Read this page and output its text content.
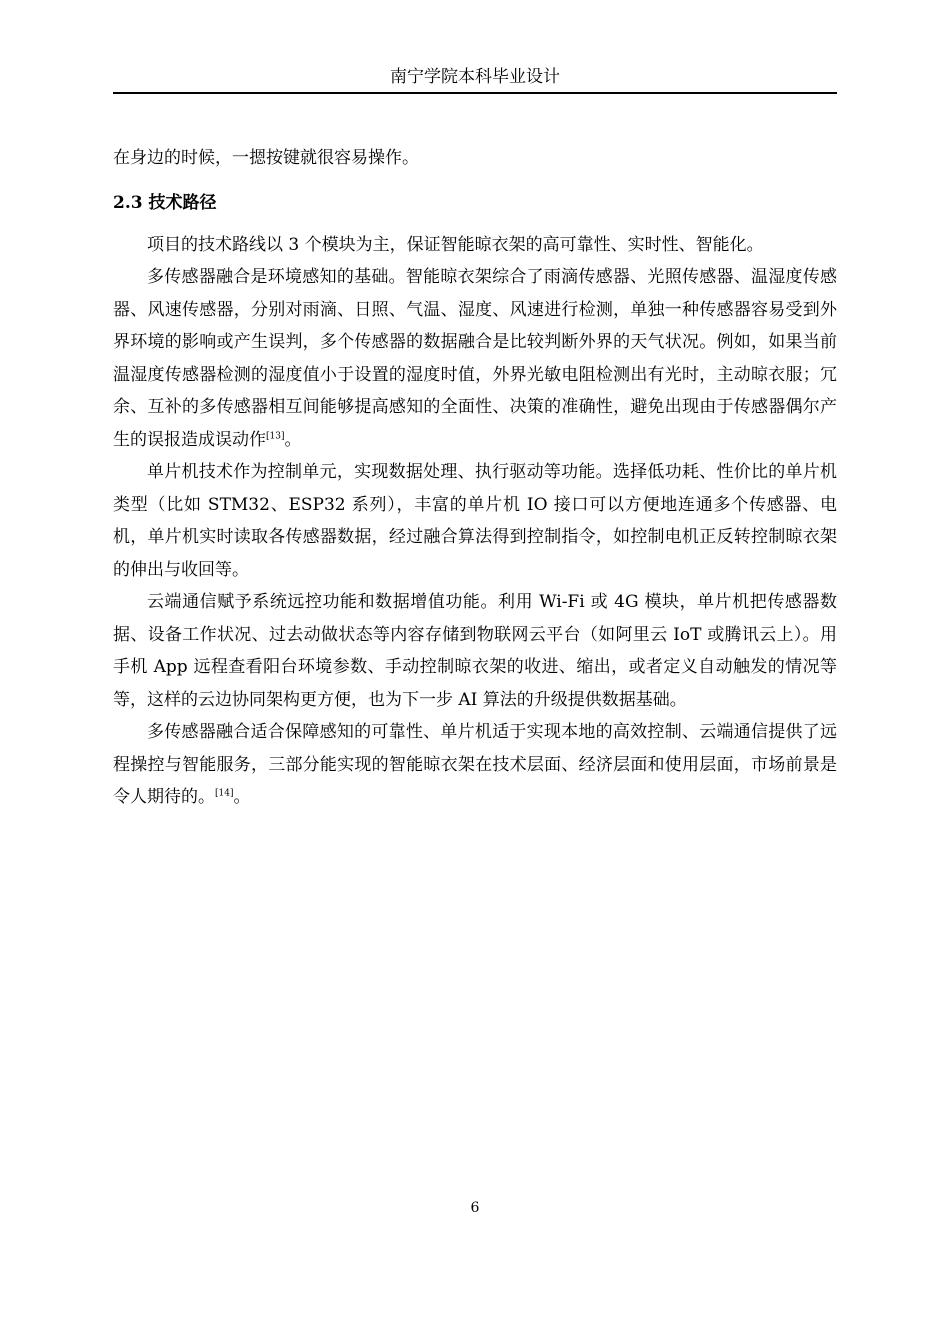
南宁学院本科毕业设计

在身边的时候，一摁按键就很容易操作。

2.3 技术路径

项目的技术路线以 3 个模块为主，保证智能晾衣架的高可靠性、实时性、智能化。

多传感器融合是环境感知的基础。智能晾衣架综合了雨滴传感器、光照传感器、温湿度传感器、风速传感器，分别对雨滴、日照、气温、湿度、风速进行检测，单独一种传感器容易受到外界环境的影响或产生误判，多个传感器的数据融合是比较判断外界的天气状况。例如，如果当前温湿度传感器检测的湿度值小于设置的湿度时值，外界光敏电阻检测出有光时，主动晾衣服；冗余、互补的多传感器相互间能够提高感知的全面性、决策的准确性，避免出现由于传感器偶尔产生的误报造成误动作[13]。

单片机技术作为控制单元，实现数据处理、执行驱动等功能。选择低功耗、性价比的单片机类型（比如 STM32、ESP32 系列），丰富的单片机 IO 接口可以方便地连通多个传感器、电机，单片机实时读取各传感器数据，经过融合算法得到控制指令，如控制电机正反转控制晾衣架的伸出与收回等。

云端通信赋予系统远控功能和数据增值功能。利用 Wi-Fi 或 4G 模块，单片机把传感器数据、设备工作状况、过去动做状态等内容存储到物联网云平台（如阿里云 IoT 或腾讯云上）。用手机 App 远程查看阳台环境参数、手动控制晾衣架的收进、缩出，或者定义自动触发的情况等等，这样的云边协同架构更方便，也为下一步 AI 算法的升级提供数据基础。

多传感器融合适合保障感知的可靠性、单片机适于实现本地的高效控制、云端通信提供了远程操控与智能服务，三部分能实现的智能晾衣架在技术层面、经济层面和使用层面，市场前景是令人期待的。[14]。

6
